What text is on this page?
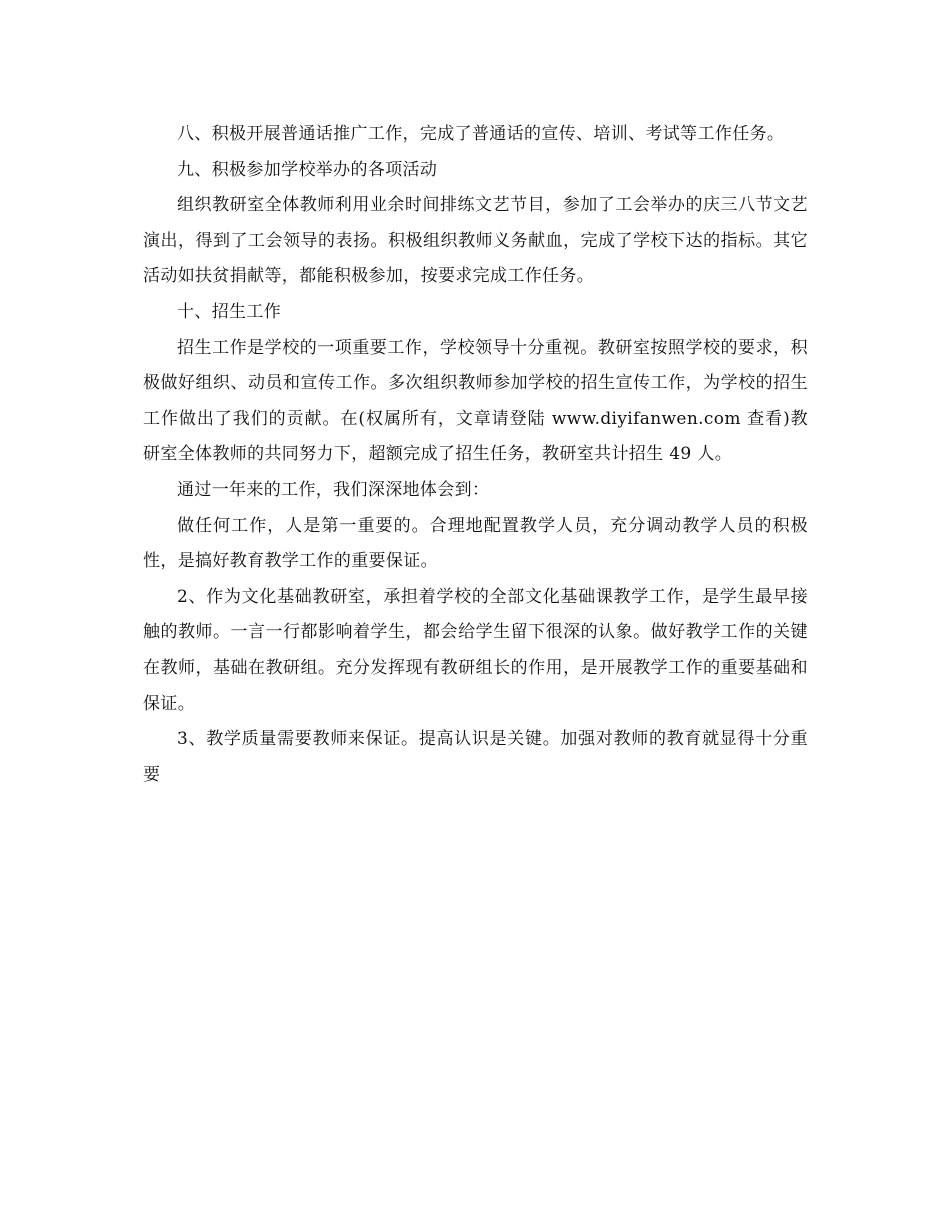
八、积极开展普通话推广工作，完成了普通话的宣传、培训、考试等工作任务。

九、积极参加学校举办的各项活动

组织教研室全体教师利用业余时间排练文艺节目，参加了工会举办的庆三八节文艺演出，得到了工会领导的表扬。积极组织教师义务献血，完成了学校下达的指标。其它活动如扶贫捐献等，都能积极参加，按要求完成工作任务。

十、招生工作

招生工作是学校的一项重要工作，学校领导十分重视。教研室按照学校的要求，积极做好组织、动员和宣传工作。多次组织教师参加学校的招生宣传工作，为学校的招生工作做出了我们的贡献。在(权属所有，文章请登陆 www.diyifanwen.com 查看)教研室全体教师的共同努力下，超额完成了招生任务，教研室共计招生 49 人。

通过一年来的工作，我们深深地体会到：

做任何工作，人是第一重要的。合理地配置教学人员，充分调动教学人员的积极性，是搞好教育教学工作的重要保证。

2、作为文化基础教研室，承担着学校的全部文化基础课教学工作，是学生最早接触的教师。一言一行都影响着学生，都会给学生留下很深的认象。做好教学工作的关键在教师，基础在教研组。充分发挥现有教研组长的作用，是开展教学工作的重要基础和保证。

3、教学质量需要教师来保证。提高认识是关键。加强对教师的教育就显得十分重要
